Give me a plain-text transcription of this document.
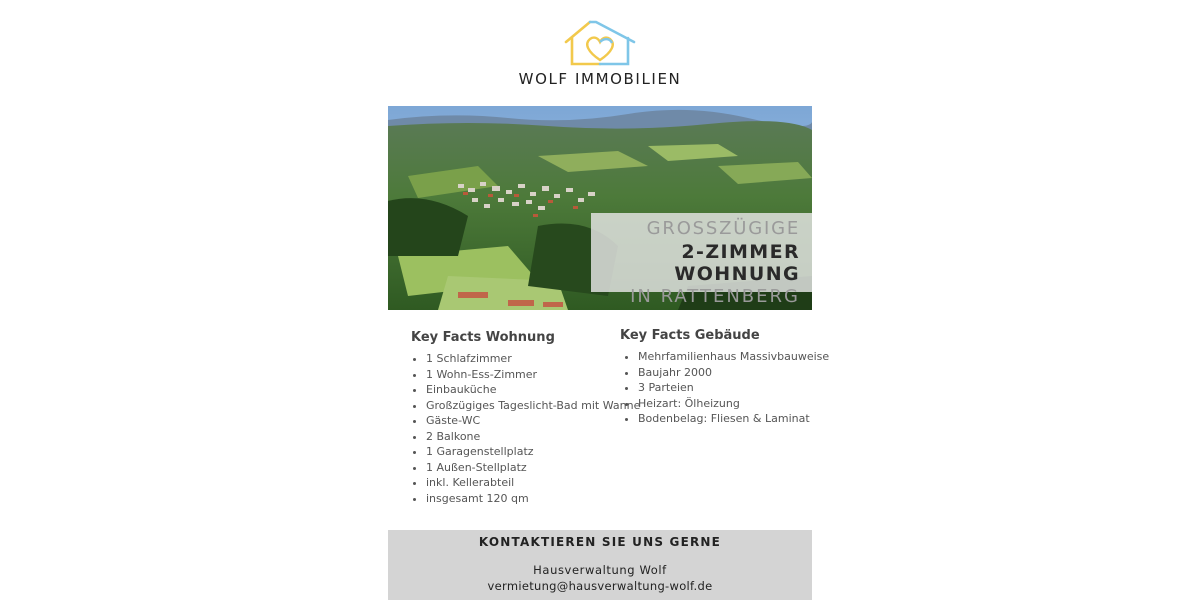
WOLF IMMOBILIEN
GROSSZÜGIGE
2-ZIMMER WOHNUNG
IN RATTENBERG
Key Facts Wohnung
• 1 Schlafzimmer
• 1 Wohn-Ess-Zimmer
• Einbauküche
• Großzügiges Tageslicht-Bad mit Wanne
• Gäste-WC
• 2 Balkone
• 1 Garagenstellplatz
• 1 Außen-Stellplatz
• inkl. Kellerabteil
• insgesamt 120 qm
Key Facts Gebäude
• Mehrfamilienhaus Massivbauweise
• Baujahr 2000
• 3 Parteien
• Heizart: Ölheizung
• Bodenbelag: Fliesen & Laminat
KONTAKTIEREN SIE UNS GERNE
Hausverwaltung Wolf
vermietung@hausverwaltung-wolf.de
